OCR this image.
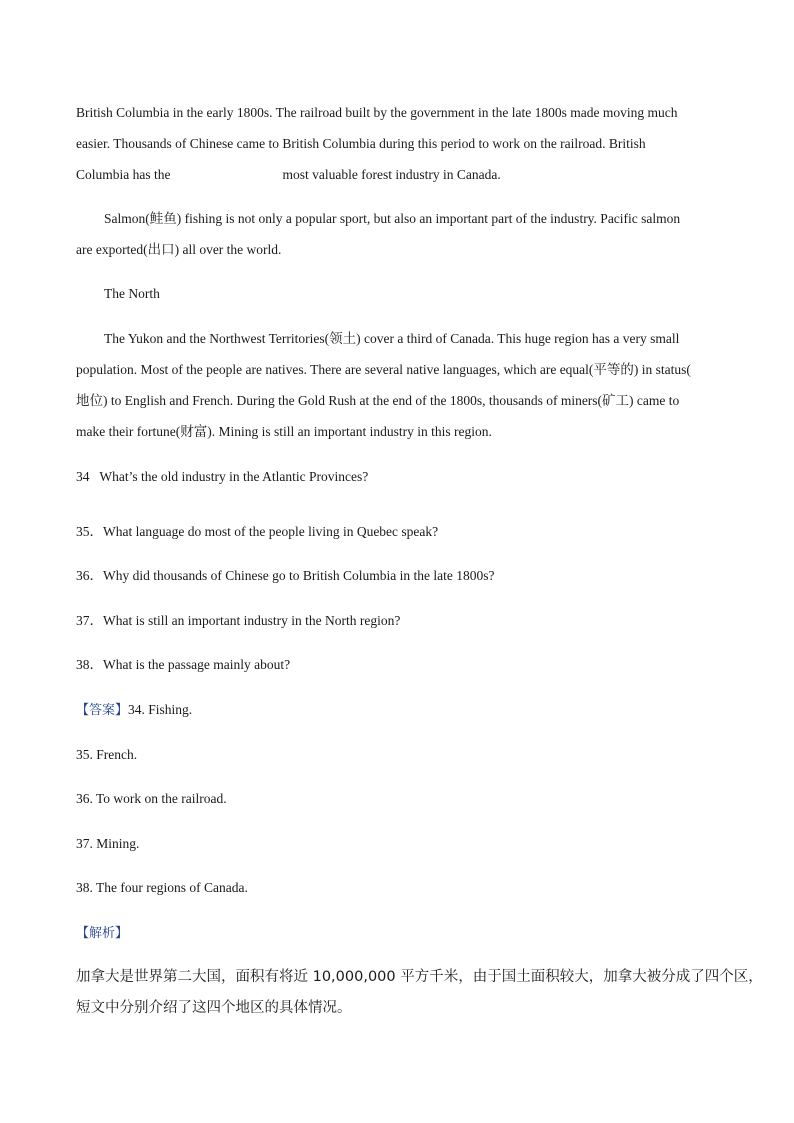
British Columbia in the early 1800s. The railroad built by the government in the late 1800s made moving much
easier. Thousands of Chinese came to British Columbia during this period to work on the railroad. British
Columbia has the	most valuable forest industry in Canada.
Salmon(鲑鱼) fishing is not only a popular sport, but also an important part of the industry. Pacific salmon
are exported(出口) all over the world.
The North
The Yukon and the Northwest Territories(领土) cover a third of Canada. This huge region has a very small
population. Most of the people are natives. There are several native languages, which are equal(平等的) in status(
地位) to English and French. During the Gold Rush at the end of the 1800s, thousands of miners(矿工) came to
make their fortune(财富). Mining is still an important industry in this region.
34   What’s the old industry in the Atlantic Provinces?
35．What language do most of the people living in Quebec speak?
36．Why did thousands of Chinese go to British Columbia in the late 1800s?
37．What is still an important industry in the North region?
38．What is the passage mainly about?
【答案】34. Fishing.
35. French.
36. To work on the railroad.
37. Mining.
38. The four regions of Canada.
【解析】
加拿大是世界第二大国，面积有将近 10,000,000 平方千米，由于国土面积较大，加拿大被分成了四个区，
短文中分别介绍了这四个地区的具体情况。
